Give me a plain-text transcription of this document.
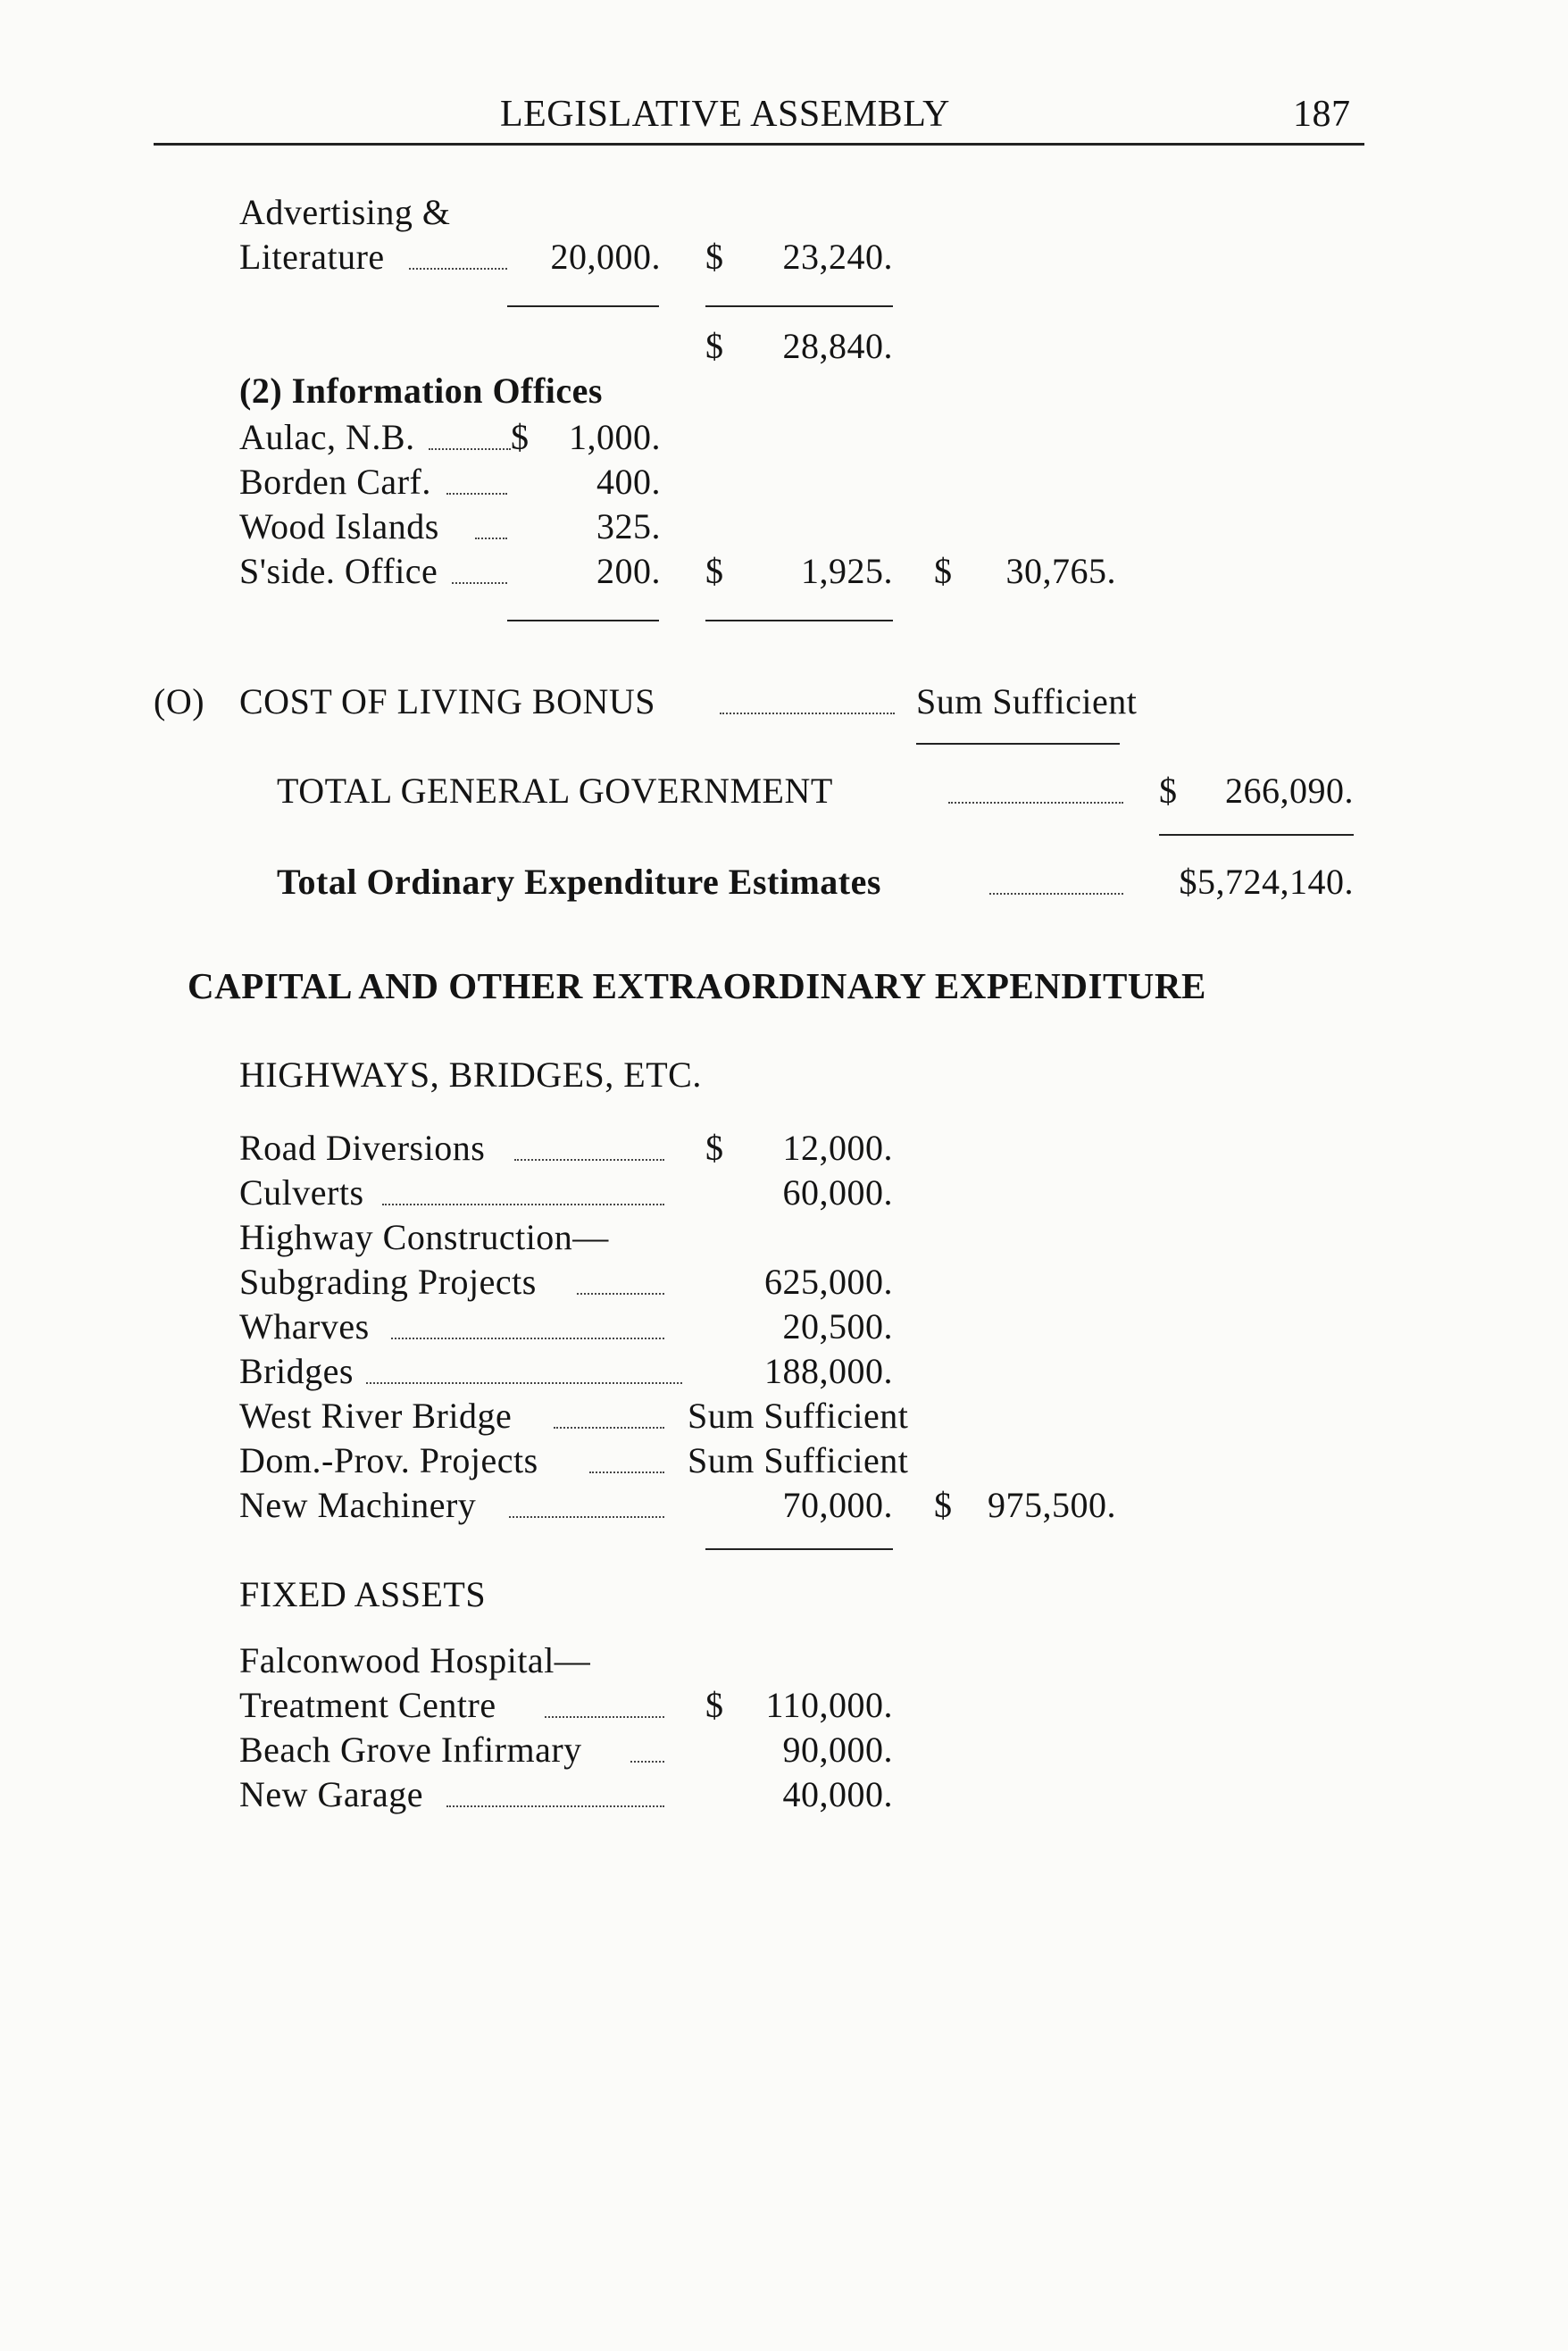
LEGISLATIVE ASSEMBLY	187
Advertising &
Literature	20,000. $	23,240.
$	28,840.
(2) Information Offices
Aulac, N.B.	$	1,000.
Borden Carf.	400.
Wood Islands	325.
S'side. Office	200. $	1,925. $	30,765.
(O) COST OF LIVING BONUS	Sum Sufficient
TOTAL GENERAL GOVERNMENT	$	266,090.
Total Ordinary Expenditure Estimates	$5,724,140.
CAPITAL AND OTHER EXTRAORDINARY EXPENDITURE
HIGHWAYS, BRIDGES, ETC.
Road Diversions	$	12,000.
Culverts	60,000.
Highway Construction—
Subgrading Projects	625,000.
Wharves	20,500.
Bridges	188,000.
West River Bridge	Sum Sufficient
Dom.-Prov. Projects	Sum Sufficient
New Machinery	70,000. $ 975,500.
FIXED ASSETS
Falconwood Hospital—
Treatment Centre	$	110,000.
Beach Grove Infirmary	90,000.
New Garage	40,000.
